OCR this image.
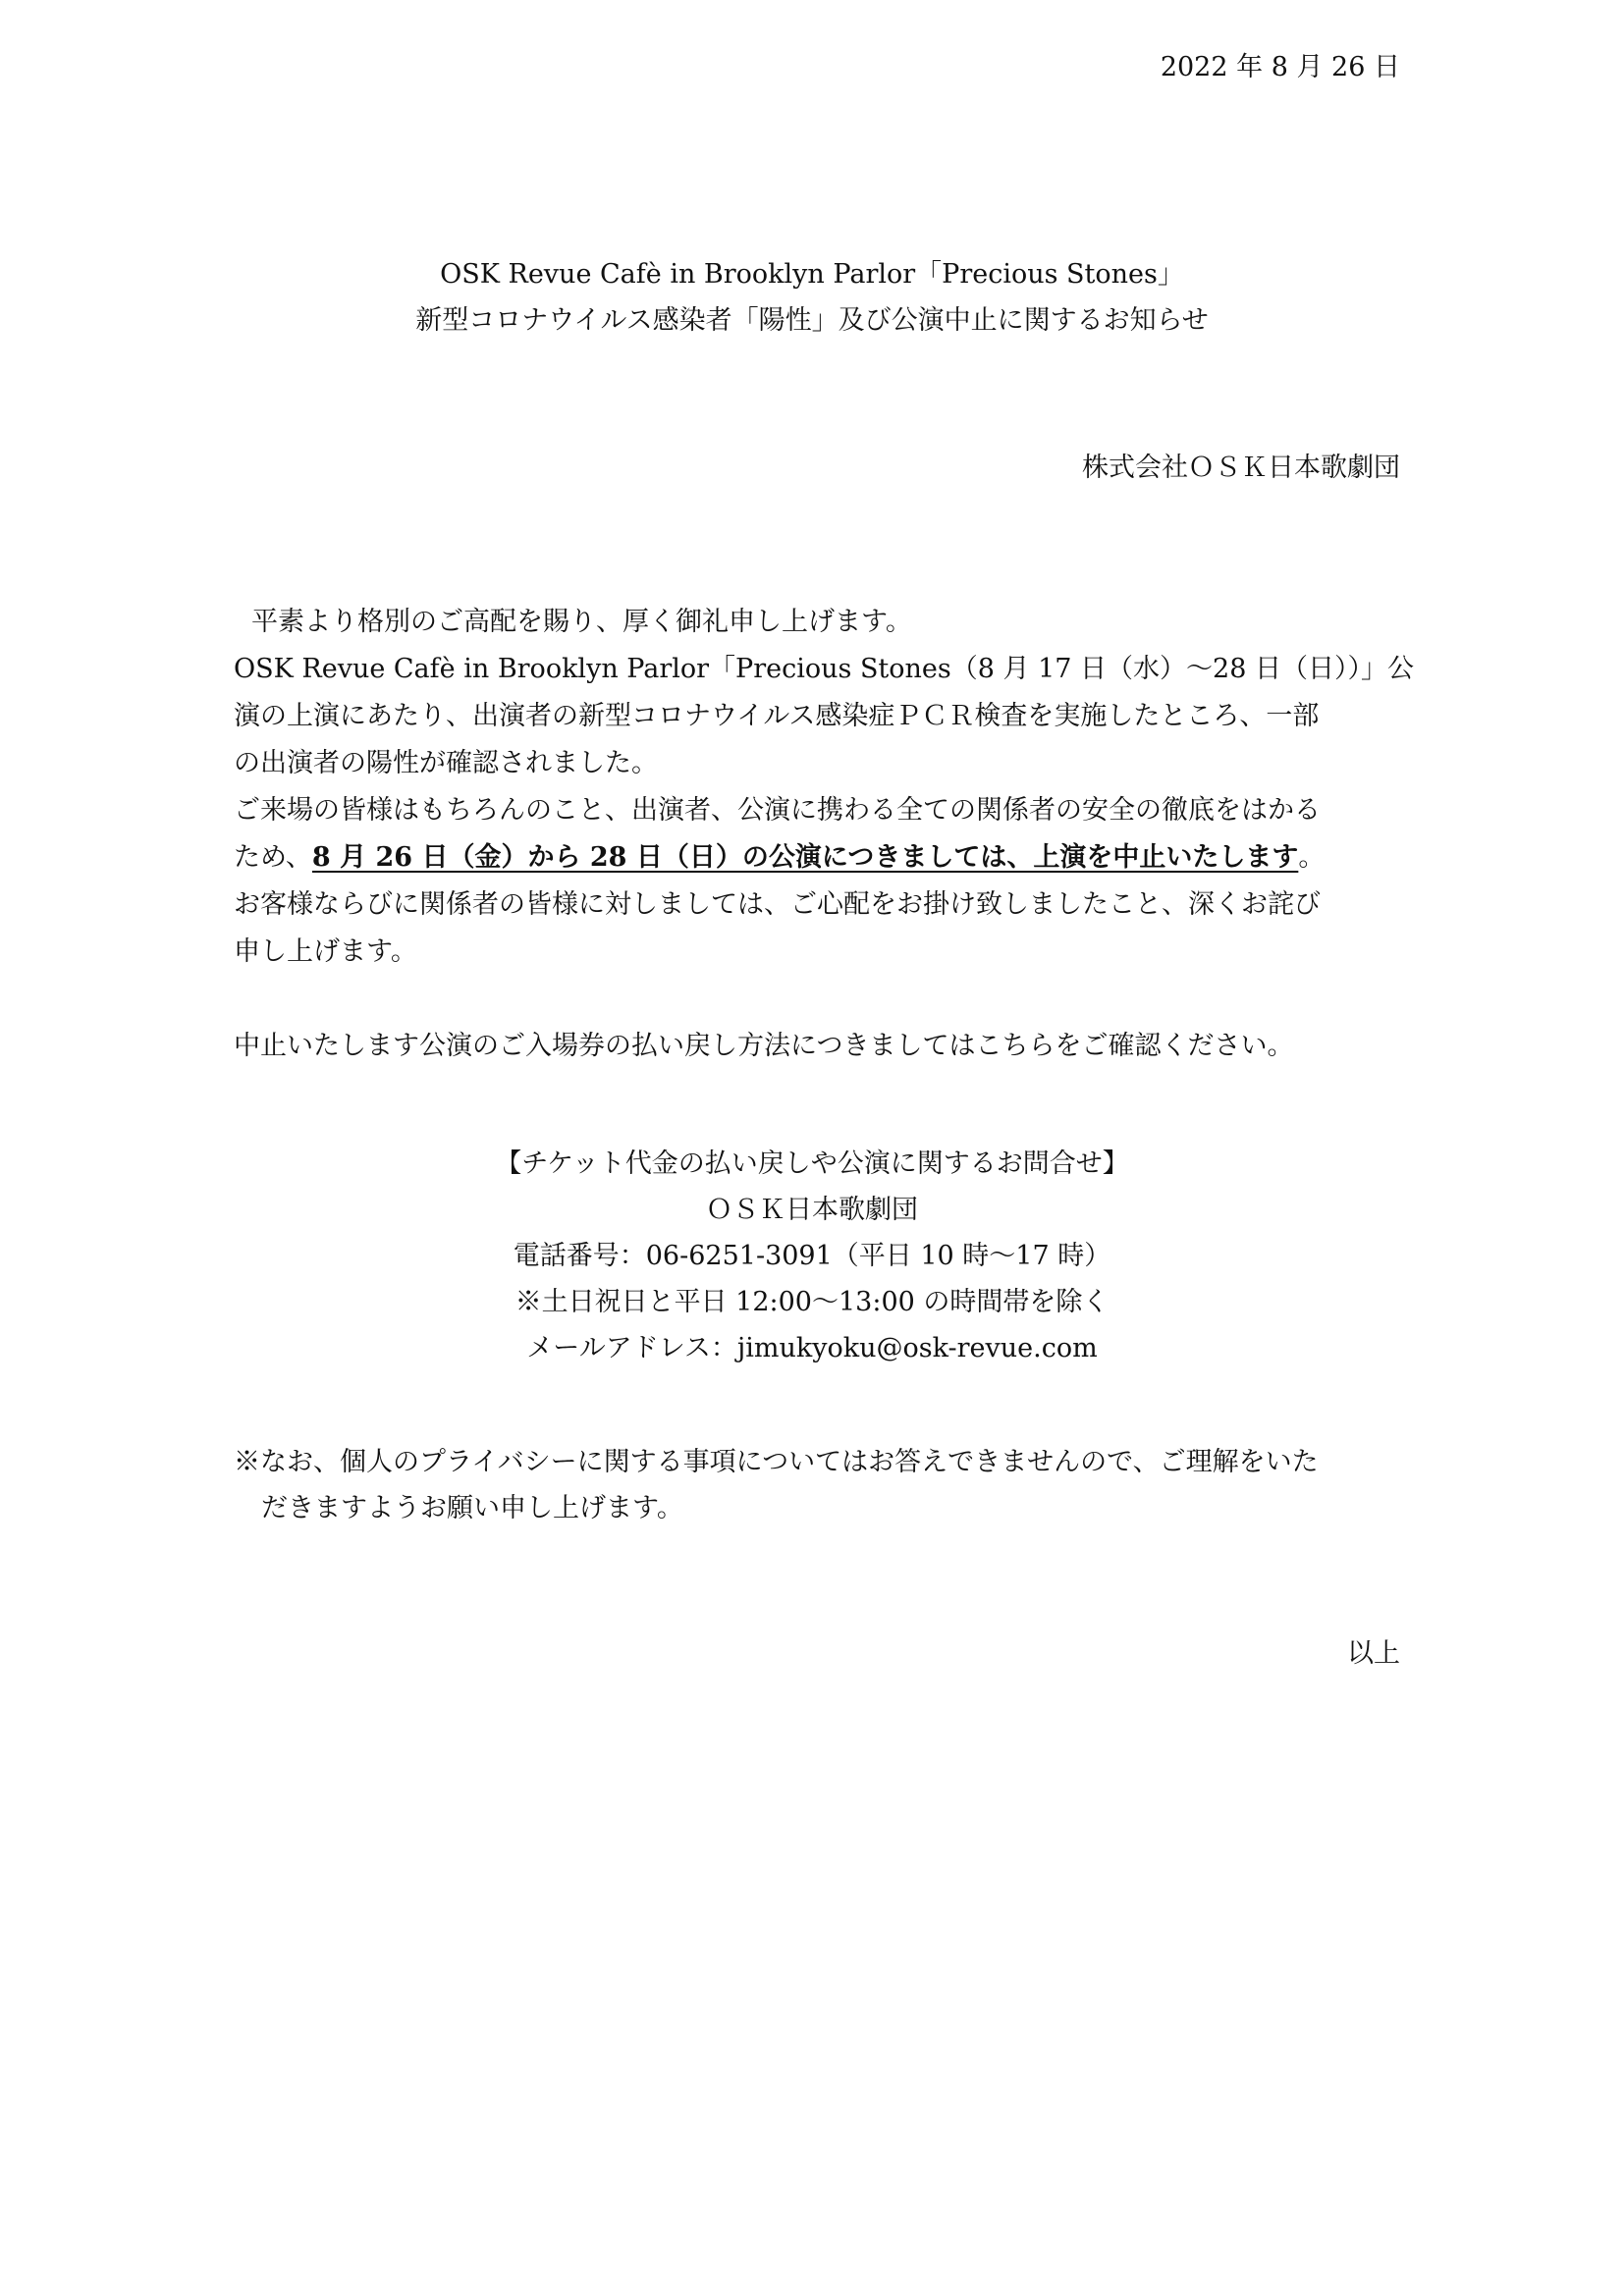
2022 年 8 月 26 日
OSK Revue Cafè in Brooklyn Parlor「Precious Stones」
新型コロナウイルス感染者「陽性」及び公演中止に関するお知らせ
株式会社ＯＳＫ日本歌劇団
平素より格別のご高配を賜り、厚く御礼申し上げます。
OSK Revue Cafè in Brooklyn Parlor「Precious Stones（8 月 17 日（水）～28 日（日））」公
演の上演にあたり、出演者の新型コロナウイルス感染症ＰＣＲ検査を実施したところ、一部
の出演者の陽性が確認されました。
ご来場の皆様はもちろんのこと、出演者、公演に携わる全ての関係者の安全の徹底をはかる
ため、8 月 26 日（金）から 28 日（日）の公演につきましては、上演を中止いたします。
お客様ならびに関係者の皆様に対しましては、ご心配をお掛け致しましたこと、深くお詫び
申し上げます。
中止いたします公演のご入場券の払い戻し方法につきましてはこちらをご確認ください。
【チケット代金の払い戻しや公演に関するお問合せ】
ＯＳＫ日本歌劇団
電話番号：06-6251-3091（平日 10 時～17 時）
※土日祝日と平日 12:00～13:00 の時間帯を除く
メールアドレス：jimukyoku@osk-revue.com
※なお、個人のプライバシーに関する事項についてはお答えできませんので、ご理解をいた
だきますようお願い申し上げます。
以上
